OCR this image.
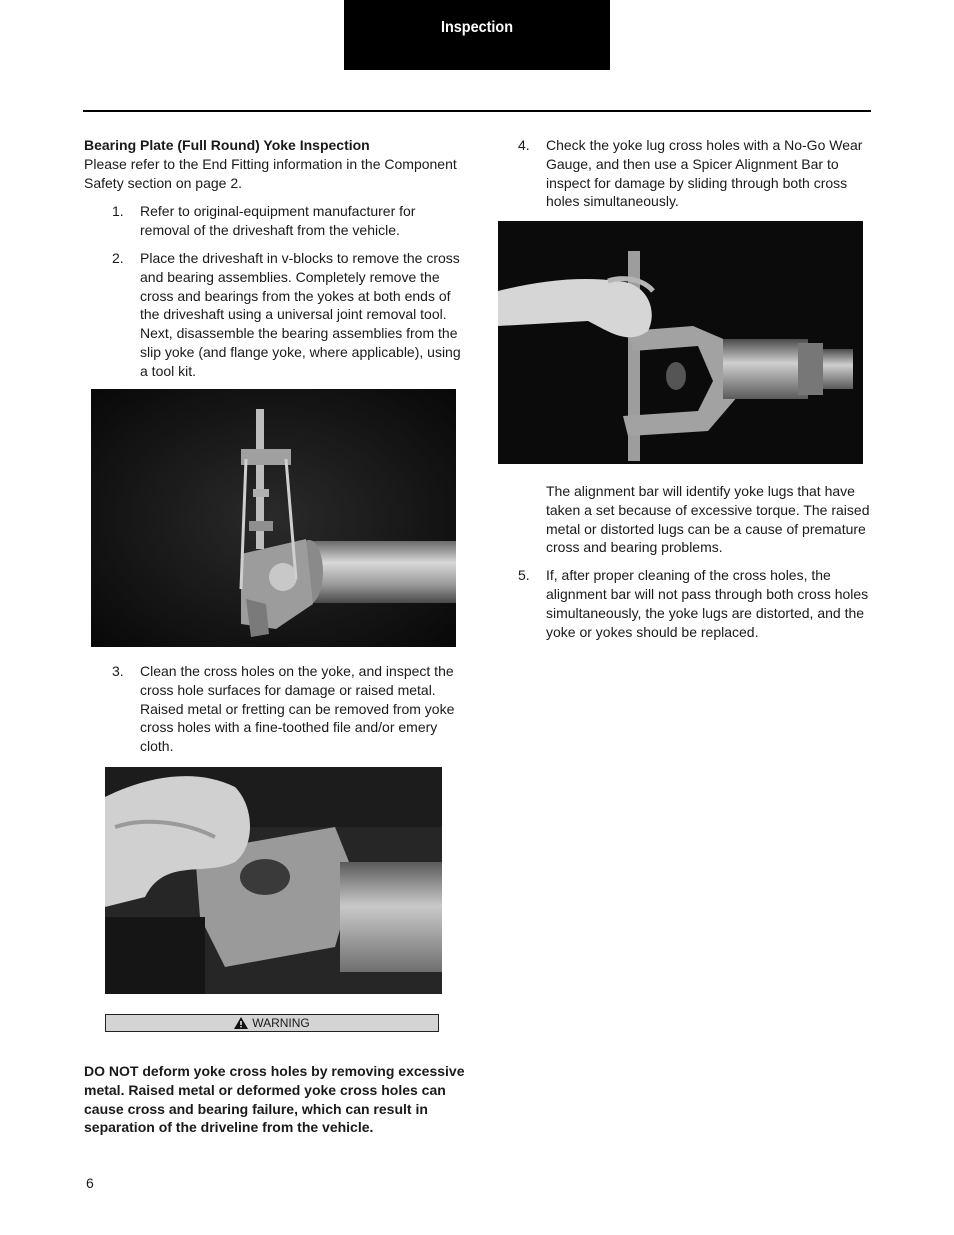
Inspection

Bearing Plate (Full Round) Yoke Inspection

Please refer to the End Fitting information in the Component Safety section on page 2.

1.	Refer to original-equipment manufacturer for removal of the driveshaft from the vehicle.
2.	Place the driveshaft in v-blocks to remove the cross and bearing assemblies. Completely remove the cross and bearings from the yokes at both ends of the driveshaft using a universal joint removal tool. Next, disassemble the bearing assemblies from the slip yoke (and flange yoke, where applicable), using a tool kit.
3.	Clean the cross holes on the yoke, and inspect the cross hole surfaces for damage or raised metal. Raised metal or fretting can be removed from yoke cross holes with a fine-toothed file and/or emery cloth.
WARNING

DO NOT deform yoke cross holes by removing excessive metal. Raised metal or deformed yoke cross holes can cause cross and bearing failure, which can result in separation of the driveline from the vehicle.

4.	Check the yoke lug cross holes with a No-Go Wear Gauge, and then use a Spicer Alignment Bar to inspect for damage by sliding through both cross holes simultaneously.

The alignment bar will identify yoke lugs that have taken a set because of excessive torque. The raised metal or distorted lugs can be a cause of premature cross and bearing problems.

5.	If, after proper cleaning of the cross holes, the alignment bar will not pass through both cross holes simultaneously, the yoke lugs are distorted, and the yoke or yokes should be replaced.
6
